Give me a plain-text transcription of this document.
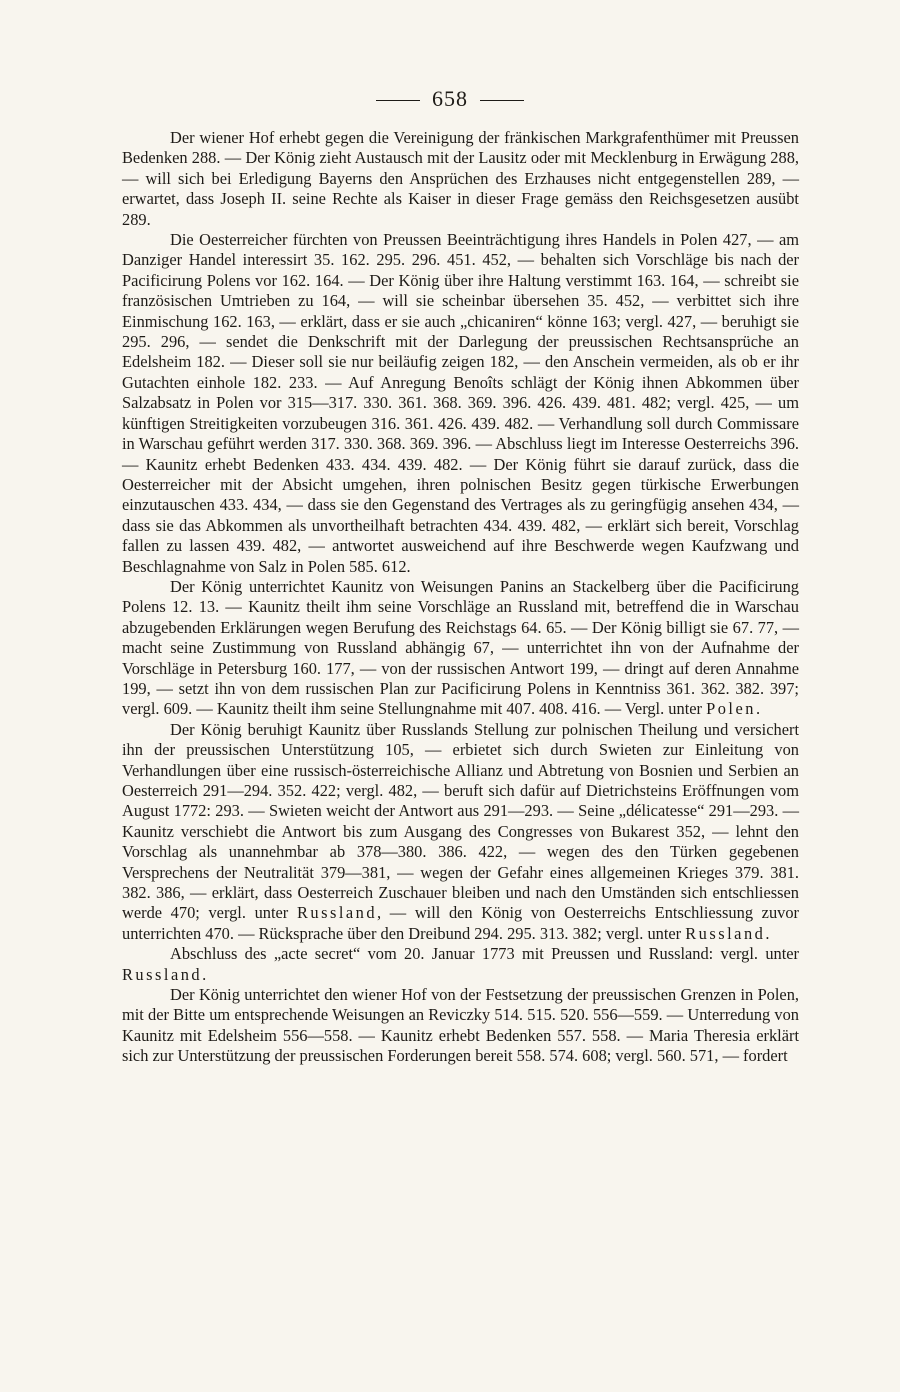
658

Der wiener Hof erhebt gegen die Vereinigung der fränkischen Markgrafenthümer mit Preussen Bedenken 288. — Der König zieht Austausch mit der Lausitz oder mit Mecklenburg in Erwägung 288, — will sich bei Erledigung Bayerns den Ansprüchen des Erzhauses nicht entgegenstellen 289, — erwartet, dass Joseph II. seine Rechte als Kaiser in dieser Frage gemäss den Reichsgesetzen ausübt 289.

Die Oesterreicher fürchten von Preussen Beeinträchtigung ihres Handels in Polen 427, — am Danziger Handel interessirt 35. 162. 295. 296. 451. 452, — behalten sich Vorschläge bis nach der Pacificirung Polens vor 162. 164. — Der König über ihre Haltung verstimmt 163. 164, — schreibt sie französischen Umtrieben zu 164, — will sie scheinbar übersehen 35. 452, — verbittet sich ihre Einmischung 162. 163, — erklärt, dass er sie auch „chicaniren“ könne 163; vergl. 427, — beruhigt sie 295. 296, — sendet die Denkschrift mit der Darlegung der preussischen Rechtsansprüche an Edelsheim 182. — Dieser soll sie nur beiläufig zeigen 182, — den Anschein vermeiden, als ob er ihr Gutachten einhole 182. 233. — Auf Anregung Benoîts schlägt der König ihnen Abkommen über Salzabsatz in Polen vor 315—317. 330. 361. 368. 369. 396. 426. 439. 481. 482; vergl. 425, — um künftigen Streitigkeiten vorzubeugen 316. 361. 426. 439. 482. — Verhandlung soll durch Commissare in Warschau geführt werden 317. 330. 368. 369. 396. — Abschluss liegt im Interesse Oesterreichs 396. — Kaunitz erhebt Bedenken 433. 434. 439. 482. — Der König führt sie darauf zurück, dass die Oesterreicher mit der Absicht umgehen, ihren polnischen Besitz gegen türkische Erwerbungen einzutauschen 433. 434, — dass sie den Gegenstand des Vertrages als zu geringfügig ansehen 434, — dass sie das Abkommen als unvortheilhaft betrachten 434. 439. 482, — erklärt sich bereit, Vorschlag fallen zu lassen 439. 482, — antwortet ausweichend auf ihre Beschwerde wegen Kaufzwang und Beschlagnahme von Salz in Polen 585. 612.

Der König unterrichtet Kaunitz von Weisungen Panins an Stackelberg über die Pacificirung Polens 12. 13. — Kaunitz theilt ihm seine Vorschläge an Russland mit, betreffend die in Warschau abzugebenden Erklärungen wegen Berufung des Reichstags 64. 65. — Der König billigt sie 67. 77, — macht seine Zustimmung von Russland abhängig 67, — unterrichtet ihn von der Aufnahme der Vorschläge in Petersburg 160. 177, — von der russischen Antwort 199, — dringt auf deren Annahme 199, — setzt ihn von dem russischen Plan zur Pacificirung Polens in Kenntniss 361. 362. 382. 397; vergl. 609. — Kaunitz theilt ihm seine Stellungnahme mit 407. 408. 416. — Vergl. unter Polen.

Der König beruhigt Kaunitz über Russlands Stellung zur polnischen Theilung und versichert ihn der preussischen Unterstützung 105, — erbietet sich durch Swieten zur Einleitung von Verhandlungen über eine russisch-österreichische Allianz und Abtretung von Bosnien und Serbien an Oesterreich 291—294. 352. 422; vergl. 482, — beruft sich dafür auf Dietrichsteins Eröffnungen vom August 1772: 293. — Swieten weicht der Antwort aus 291—293. — Seine „délicatesse“ 291—293. — Kaunitz verschiebt die Antwort bis zum Ausgang des Congresses von Bukarest 352, — lehnt den Vorschlag als unannehmbar ab 378—380. 386. 422, — wegen des den Türken gegebenen Versprechens der Neutralität 379—381, — wegen der Gefahr eines allgemeinen Krieges 379. 381. 382. 386, — erklärt, dass Oesterreich Zuschauer bleiben und nach den Umständen sich entschliessen werde 470; vergl. unter Russland, — will den König von Oesterreichs Entschliessung zuvor unterrichten 470. — Rücksprache über den Dreibund 294. 295. 313. 382; vergl. unter Russland.

Abschluss des „acte secret“ vom 20. Januar 1773 mit Preussen und Russland: vergl. unter Russland.

Der König unterrichtet den wiener Hof von der Festsetzung der preussischen Grenzen in Polen, mit der Bitte um entsprechende Weisungen an Reviczky 514. 515. 520. 556—559. — Unterredung von Kaunitz mit Edelsheim 556—558. — Kaunitz erhebt Bedenken 557. 558. — Maria Theresia erklärt sich zur Unterstützung der preussischen Forderungen bereit 558. 574. 608; vergl. 560. 571, — fordert
